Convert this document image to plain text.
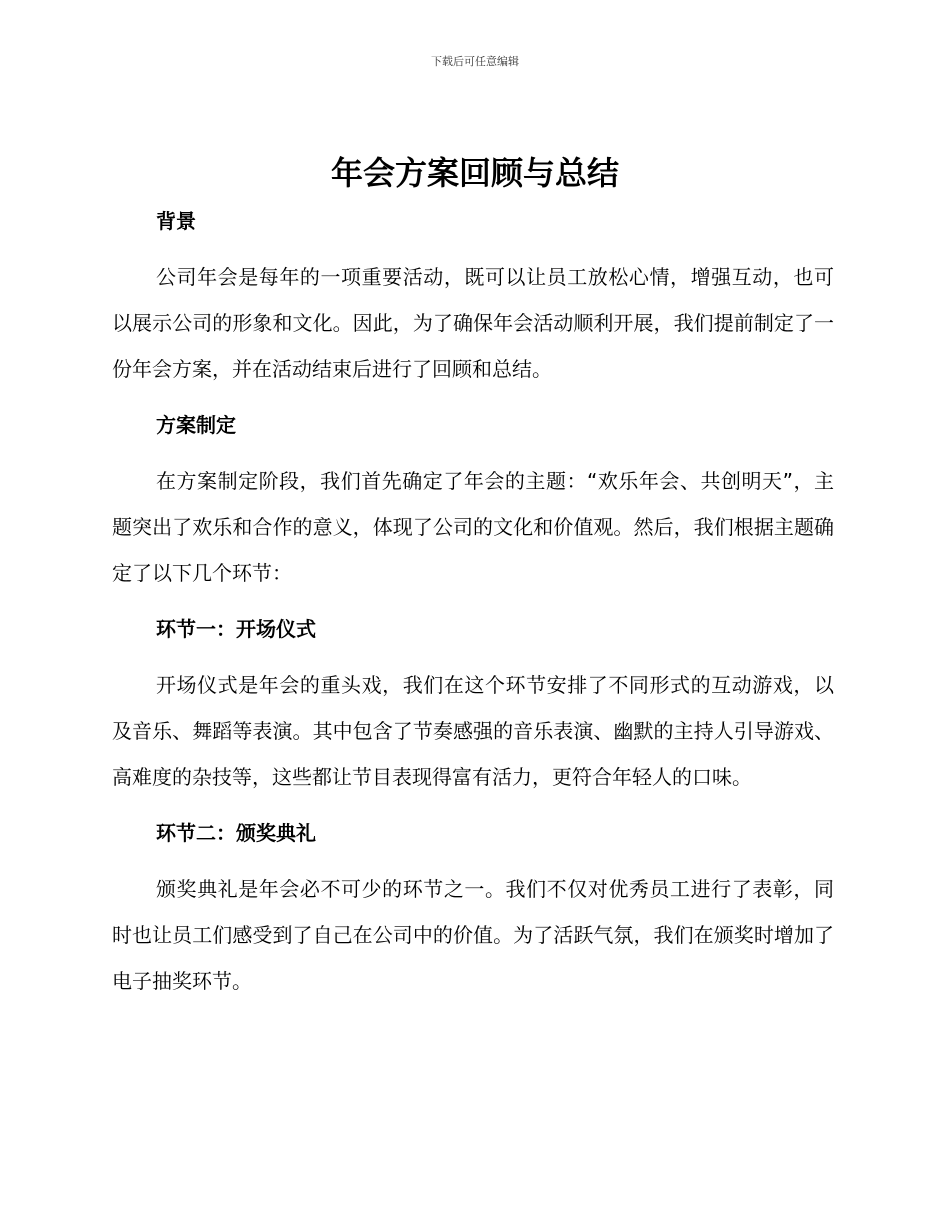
下载后可任意编辑
年会方案回顾与总结
背景

公司年会是每年的一项重要活动，既可以让员工放松心情，增强互动，也可以展示公司的形象和文化。因此，为了确保年会活动顺利开展，我们提前制定了一份年会方案，并在活动结束后进行了回顾和总结。

方案制定

在方案制定阶段，我们首先确定了年会的主题：“欢乐年会、共创明天”，主题突出了欢乐和合作的意义，体现了公司的文化和价值观。然后，我们根据主题确定了以下几个环节：

环节一：开场仪式

开场仪式是年会的重头戏，我们在这个环节安排了不同形式的互动游戏，以及音乐、舞蹈等表演。其中包含了节奏感强的音乐表演、幽默的主持人引导游戏、高难度的杂技等，这些都让节目表现得富有活力，更符合年轻人的口味。

环节二：颁奖典礼

颁奖典礼是年会必不可少的环节之一。我们不仅对优秀员工进行了表彰，同时也让员工们感受到了自己在公司中的价值。为了活跃气氛，我们在颁奖时增加了电子抽奖环节。
